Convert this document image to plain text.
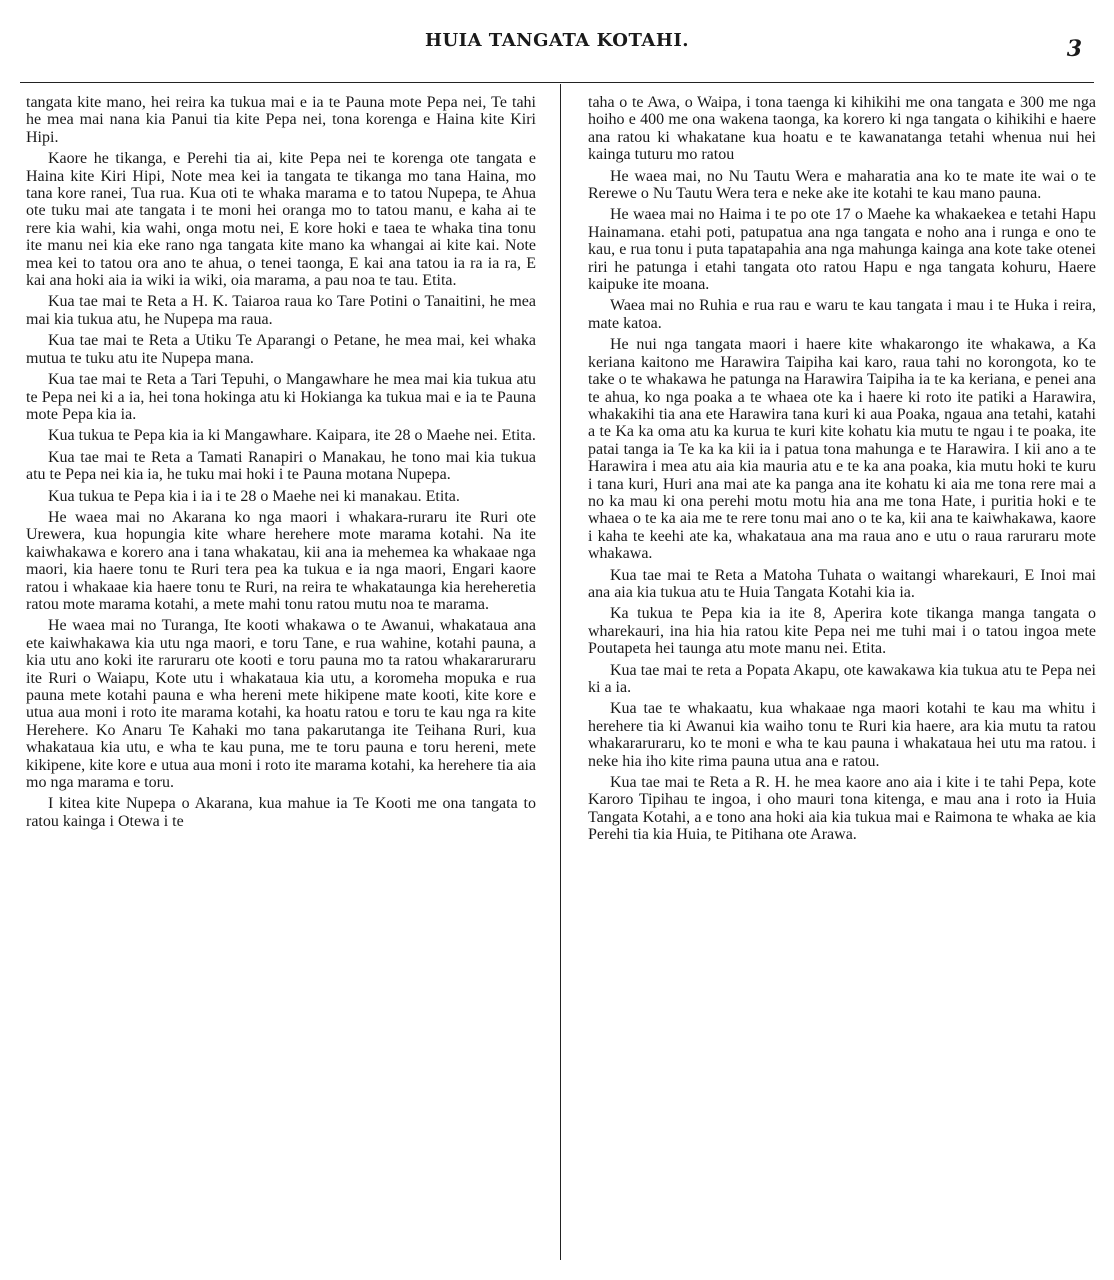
HUIA TANGATA KOTAHI.	3

tangata kite mano, hei reira ka tukua mai e ia te Pauna mote Pepa nei, Te tahi he mea mai nana kia Panui tia kite Pepa nei, tona korenga e Haina kite Kiri Hipi.

Kaore he tikanga, e Perehi tia ai, kite Pepa nei te korenga ote tangata e Haina kite Kiri Hipi, Note mea kei ia tangata te tikanga mo tana Haina, mo tana kore ranei, Tua rua. Kua oti te whaka marama e to tatou Nupepa, te Ahua ote tuku mai ate tangata i te moni hei oranga mo to tatou manu, e kaha ai te rere kia wahi, kia wahi, onga motu nei, E kore hoki e taea te whaka tina tonu ite manu nei kia eke rano nga tangata kite mano ka whangai ai kite kai. Note mea kei to tatou ora ano te ahua, o tenei taonga, E kai ana tatou ia ra ia ra, E kai ana hoki aia ia wiki ia wiki, oia marama, a pau noa te tau. Etita.

Kua tae mai te Reta a H. K. Taiaroa raua ko Tare Potini o Tanaitini, he mea mai kia tukua atu, he Nupepa ma raua.

Kua tae mai te Reta a Utiku Te Aparangi o Petane, he mea mai, kei whaka mutua te tuku atu ite Nupepa mana.

Kua tae mai te Reta a Tari Tepuhi, o Mangawhare he mea mai kia tukua atu te Pepa nei ki a ia, hei tona hokinga atu ki Hokianga ka tukua mai e ia te Pauna mote Pepa kia ia.

Kua tukua te Pepa kia ia ki Mangawhare. Kaipara, ite 28 o Maehe nei. Etita.

Kua tae mai te Reta a Tamati Ranapiri o Manakau, he tono mai kia tukua atu te Pepa nei kia ia, he tuku mai hoki i te Pauna motana Nupepa.

Kua tukua te Pepa kia i ia i te 28 o Maehe nei ki manakau. Etita.

He waea mai no Akarana ko nga maori i whakara-ruraru ite Ruri ote Urewera, kua hopungia kite whare herehere mote marama kotahi. Na ite kaiwhakawa e korero ana i tana whakatau, kii ana ia mehemea ka whakaae nga maori, kia haere tonu te Ruri tera pea ka tukua e ia nga maori, Engari kaore ratou i whakaae kia haere tonu te Ruri, na reira te whakataunga kia hereheretia ratou mote marama kotahi, a mete mahi tonu ratou mutu noa te marama.

He waea mai no Turanga, Ite kooti whakawa o te Awanui, whakataua ana ete kaiwhakawa kia utu nga maori, e toru Tane, e rua wahine, kotahi pauna, a kia utu ano koki ite raruraru ote kooti e toru pauna mo ta ratou whakararuraru ite Ruri o Waiapu, Kote utu i whakataua kia utu, a koromeha mopuka e rua pauna mete kotahi pauna e wha hereni mete hikipene mate kooti, kite kore e utua aua moni i roto ite marama kotahi, ka hoatu ratou e toru te kau nga ra kite Herehere. Ko Anaru Te Kahaki mo tana pakarutanga ite Teihana Ruri, kua whakataua kia utu, e wha te kau puna, me te toru pauna e toru hereni, mete kikipene, kite kore e utua aua moni i roto ite marama kotahi, ka herehere tia aia mo nga marama e toru.

I kitea kite Nupepa o Akarana, kua mahue ia Te Kooti me ona tangata to ratou kainga i Otewa i te

taha o te Awa, o Waipa, i tona taenga ki kihikihi me ona tangata e 300 me nga hoiho e 400 me ona wakena taonga, ka korero ki nga tangata o kihikihi e haere ana ratou ki whakatane kua hoatu e te kawanatanga tetahi whenua nui hei kainga tuturu mo ratou

He waea mai, no Nu Tautu Wera e maharatia ana ko te mate ite wai o te Rerewe o Nu Tautu Wera tera e neke ake ite kotahi te kau mano pauna.

He waea mai no Haima i te po ote 17 o Maehe ka whakaekea e tetahi Hapu Hainamana. etahi poti, patupatua ana nga tangata e noho ana i runga e ono te kau, e rua tonu i puta tapatapahia ana nga mahunga kainga ana kote take otenei riri he patunga i etahi tangata oto ratou Hapu e nga tangata kohuru, Haere kaipuke ite moana.

Waea mai no Ruhia e rua rau e waru te kau tangata i mau i te Huka i reira, mate katoa.

He nui nga tangata maori i haere kite whakarongo ite whakawa, a Ka keriana kaitono me Harawira Taipiha kai karo, raua tahi no korongota, ko te take o te whakawa he patunga na Harawira Taipiha ia te ka keriana, e penei ana te ahua, ko nga poaka a te whaea ote ka i haere ki roto ite patiki a Harawira, whakakihi tia ana ete Harawira tana kuri ki aua Poaka, ngaua ana tetahi, katahi a te Ka ka oma atu ka kurua te kuri kite kohatu kia mutu te ngau i te poaka, ite patai tanga ia Te ka ka kii ia i patua tona mahunga e te Harawira. I kii ano a te Harawira i mea atu aia kia mauria atu e te ka ana poaka, kia mutu hoki te kuru i tana kuri, Huri ana mai ate ka panga ana ite kohatu ki aia me tona rere mai a no ka mau ki ona perehi motu motu hia ana me tona Hate, i puritia hoki e te whaea o te ka aia me te rere tonu mai ano o te ka, kii ana te kaiwhakawa, kaore i kaha te keehi ate ka, whakataua ana ma raua ano e utu o raua raruraru mote whakawa.

Kua tae mai te Reta a Matoha Tuhata o waitangi wharekauri, E Inoi mai ana aia kia tukua atu te Huia Tangata Kotahi kia ia.

Ka tukua te Pepa kia ia ite 8, Aperira kote tikanga manga tangata o wharekauri, ina hia hia ratou kite Pepa nei me tuhi mai i o tatou ingoa mete Poutapeta hei taunga atu mote manu nei. Etita.

Kua tae mai te reta a Popata Akapu, ote kawakawa kia tukua atu te Pepa nei ki a ia.

Kua tae te whakaatu, kua whakaae nga maori kotahi te kau ma whitu i herehere tia ki Awanui kia waiho tonu te Ruri kia haere, ara kia mutu ta ratou whakararuraru, ko te moni e wha te kau pauna i whakataua hei utu ma ratou. i neke hia iho kite rima pauna utua ana e ratou.

Kua tae mai te Reta a R. H. he mea kaore ano aia i kite i te tahi Pepa, kote Karoro Tipihau te ingoa, i oho mauri tona kitenga, e mau ana i roto ia Huia Tangata Kotahi, a e tono ana hoki aia kia tukua mai e Raimona te whaka ae kia Perehi tia kia Huia, te Pitihana ote Arawa.
